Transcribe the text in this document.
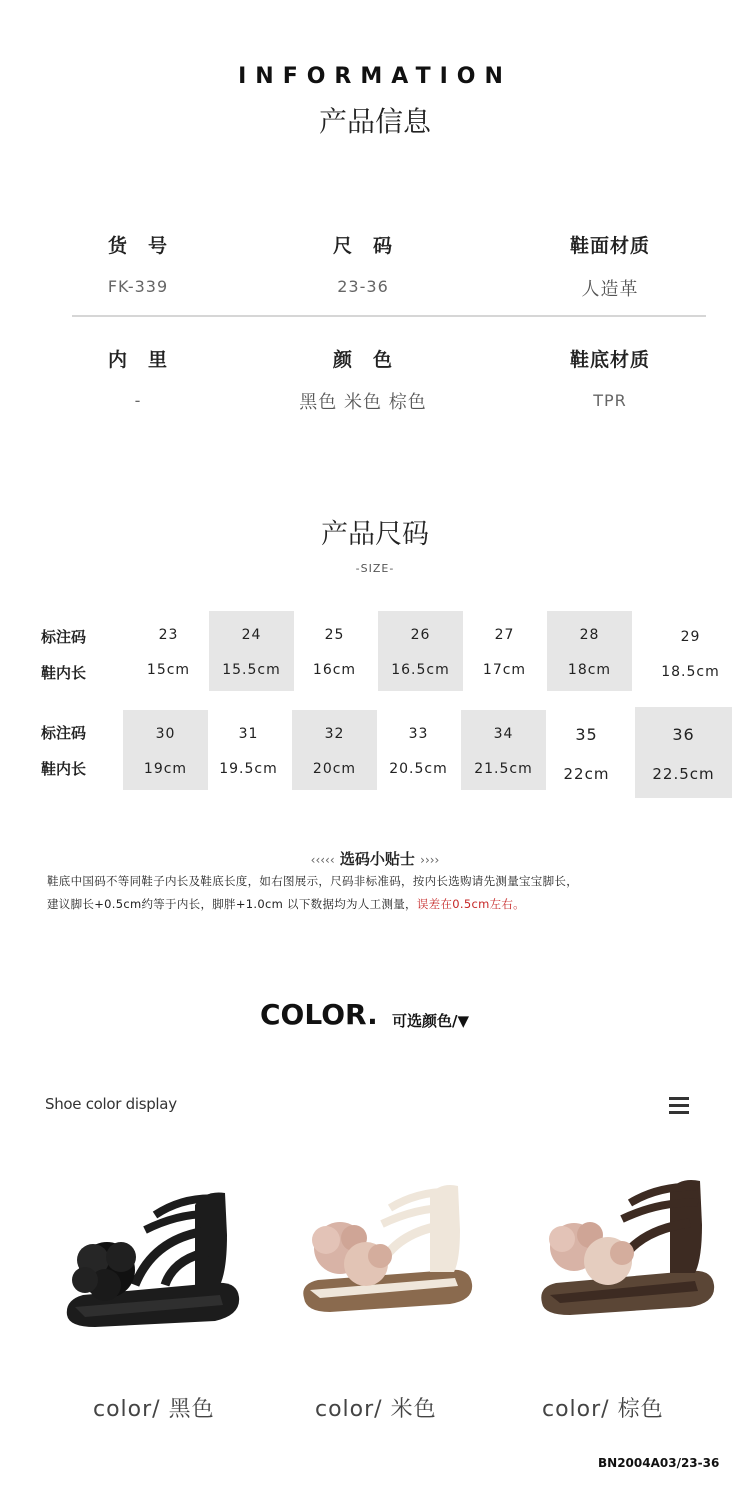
INFORMATION
产品信息
货　号
FK-339
尺　码
23-36
鞋面材质
人造革
内　里
-
颜　色
黑色 米色 棕色
鞋底材质
TPR
产品尺码
-SIZE-
标注码
鞋内长
23
15cm
24
15.5cm
25
16cm
26
16.5cm
27
17cm
28
18cm
29
18.5cm
标注码
鞋内长
30
19cm
31
19.5cm
32
20cm
33
20.5cm
34
21.5cm
35
22cm
36
22.5cm
‹‹‹‹‹ 选码小贴士 ››››
鞋底中国码不等同鞋子内长及鞋底长度，如右图展示，尺码非标准码，按内长选购请先测量宝宝脚长，
建议脚长+0.5cm约等于内长，脚胖+1.0cm 以下数据均为人工测量，误差在0.5cm左右。
COLOR. 可选颜色/▼
Shoe color display
color/ 黑色	color/ 米色	color/ 棕色
BN2004A03/23-36
